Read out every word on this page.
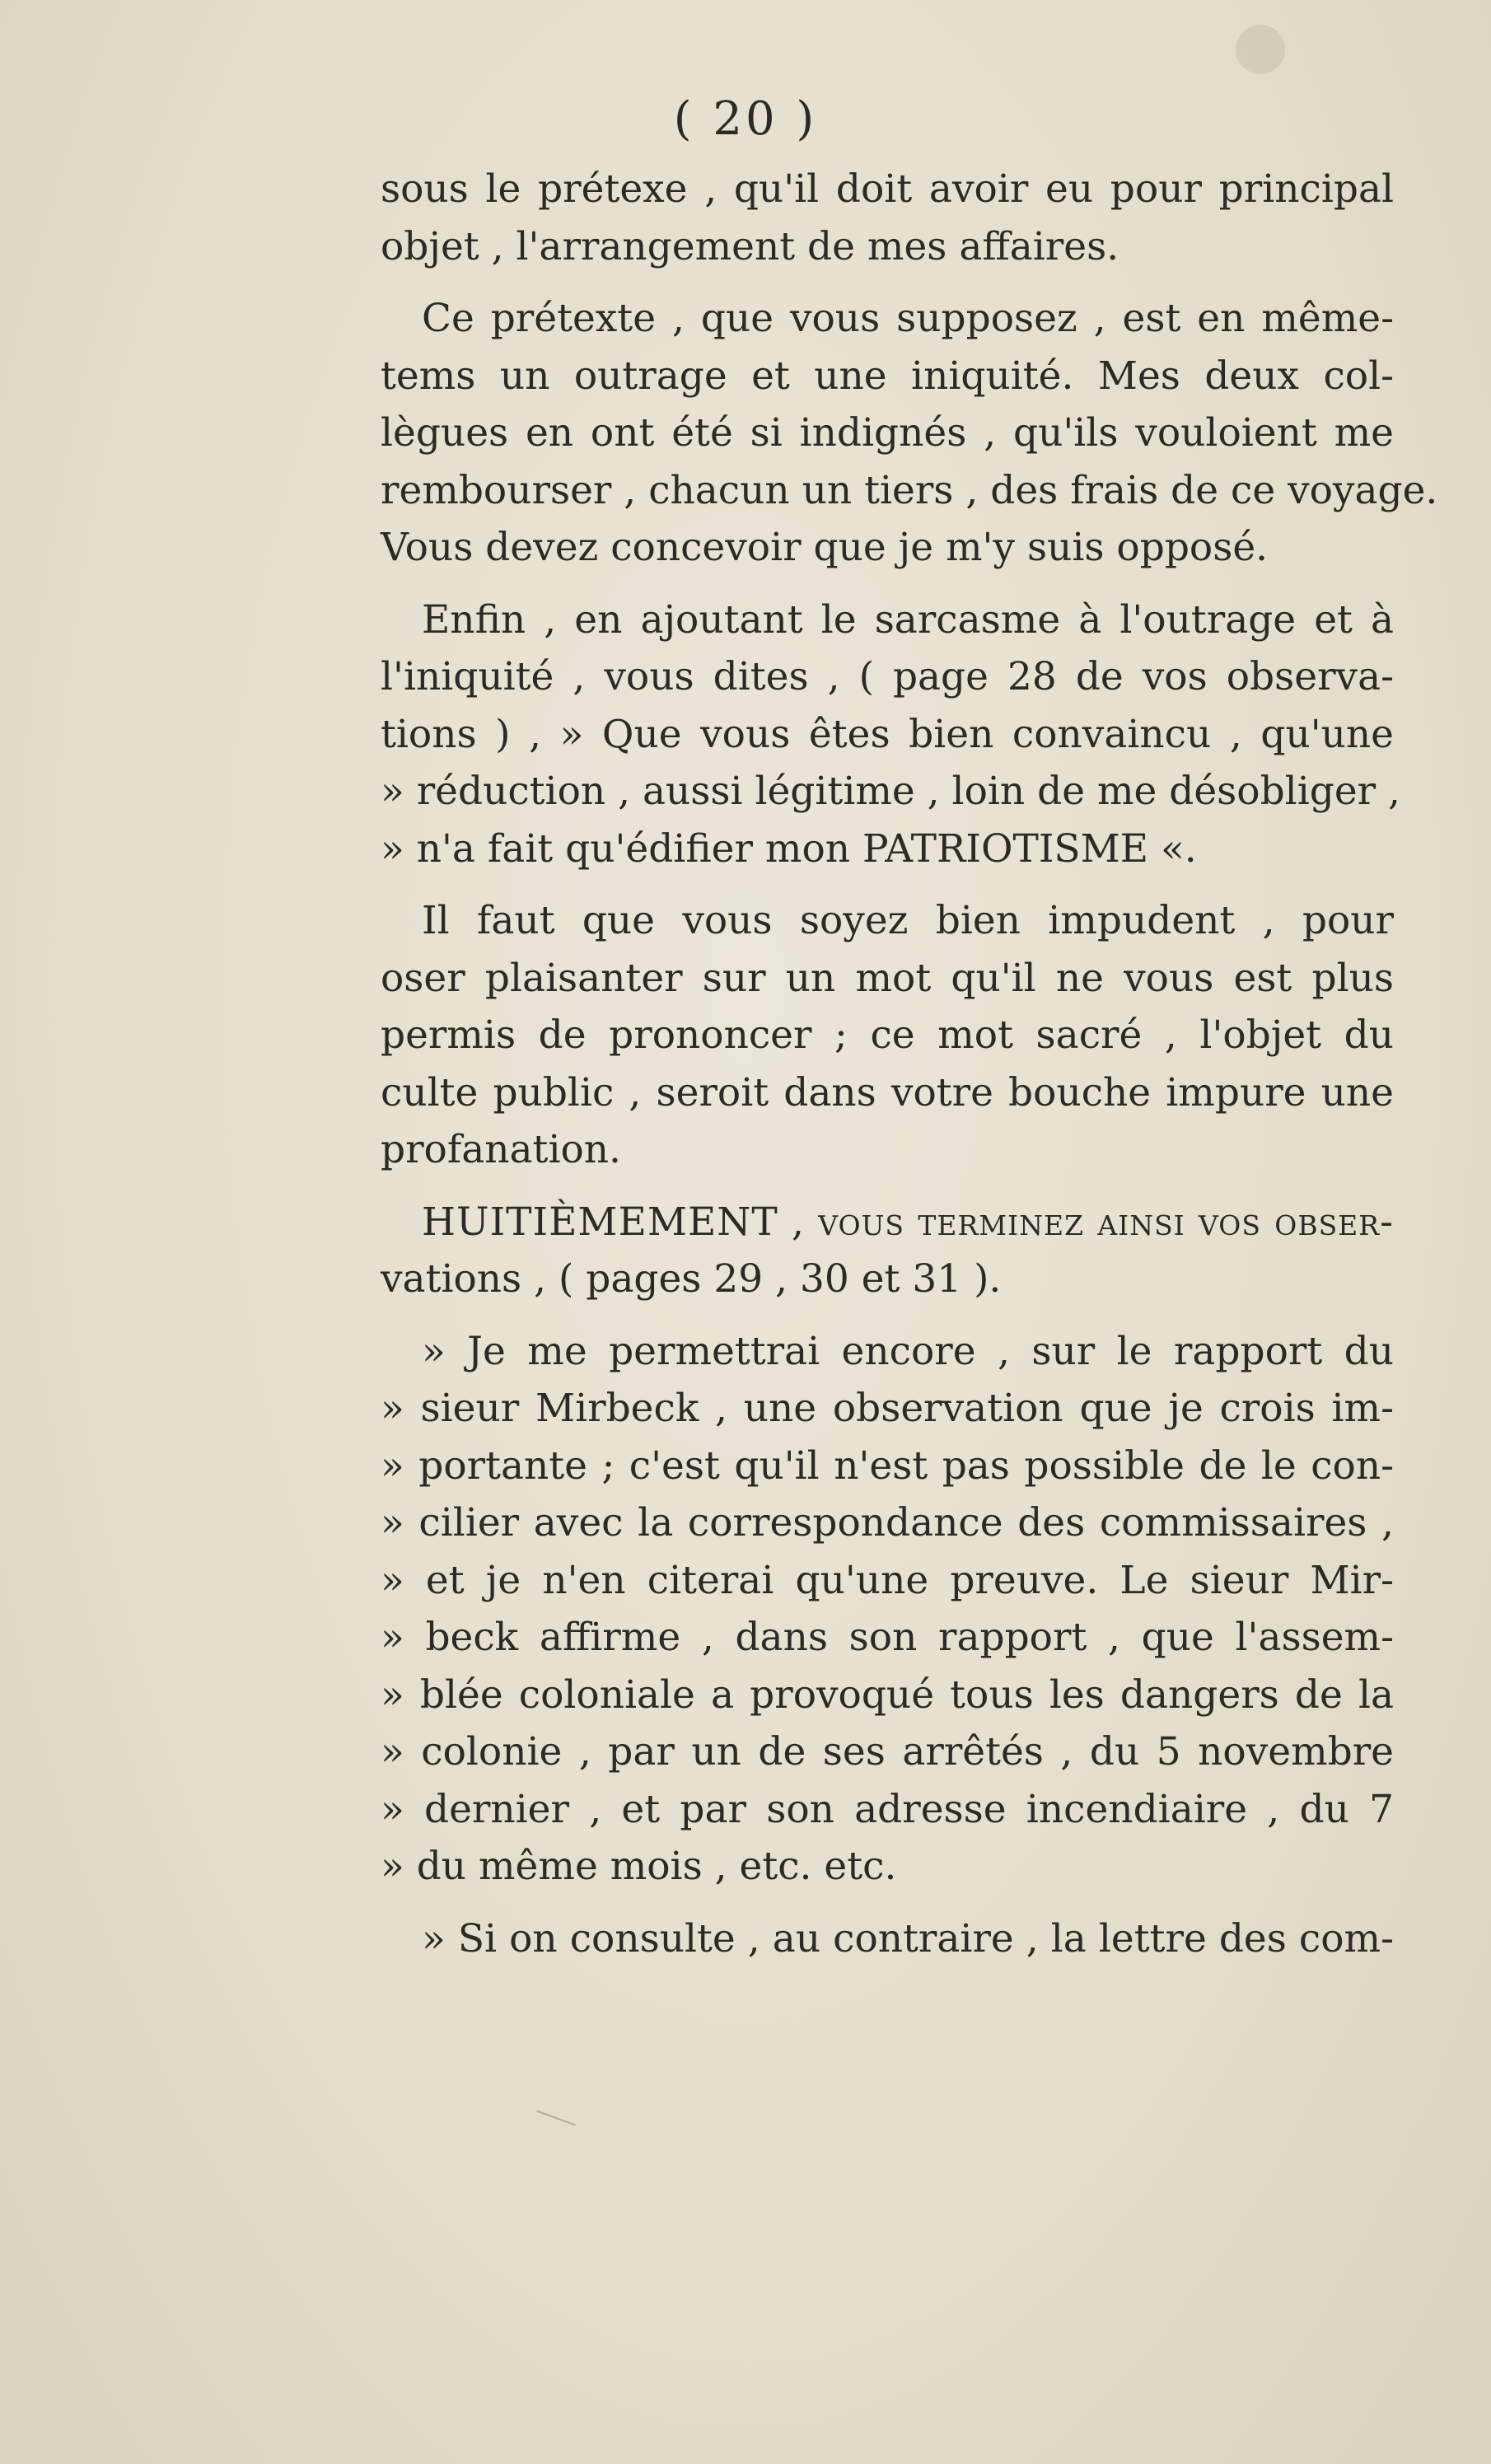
( 20 )
sous le prétexe , qu'il doit avoir eu pour principal
objet , l'arrangement de mes affaires.
Ce prétexte , que vous supposez , est en même-
tems un outrage et une iniquité. Mes deux col-
lègues en ont été si indignés , qu'ils vouloient me
rembourser , chacun un tiers , des frais de ce voyage.
Vous devez concevoir que je m'y suis opposé.
Enfin , en ajoutant le sarcasme à l'outrage et à
l'iniquité , vous dites , ( page 28 de vos observa-
tions ) , » Que vous êtes bien convaincu , qu'une
» réduction , aussi légitime , loin de me désobliger ,
» n'a fait qu'édifier mon PATRIOTISME «.
Il faut que vous soyez bien impudent , pour
oser plaisanter sur un mot qu'il ne vous est plus
permis de prononcer ; ce mot sacré , l'objet du
culte public , seroit dans votre bouche impure une
profanation.
HUITIÈMEMENT , vous terminez ainsi vos obser-
vations , ( pages 29 , 30 et 31 ).
» Je me permettrai encore , sur le rapport du
» sieur Mirbeck , une observation que je crois im-
» portante ; c'est qu'il n'est pas possible de le con-
» cilier avec la correspondance des commissaires ,
» et je n'en citerai qu'une preuve. Le sieur Mir-
» beck affirme , dans son rapport , que l'assem-
» blée coloniale a provoqué tous les dangers de la
» colonie , par un de ses arrêtés , du 5 novembre
» dernier , et par son adresse incendiaire , du 7
» du même mois , etc. etc.
» Si on consulte , au contraire , la lettre des com-
